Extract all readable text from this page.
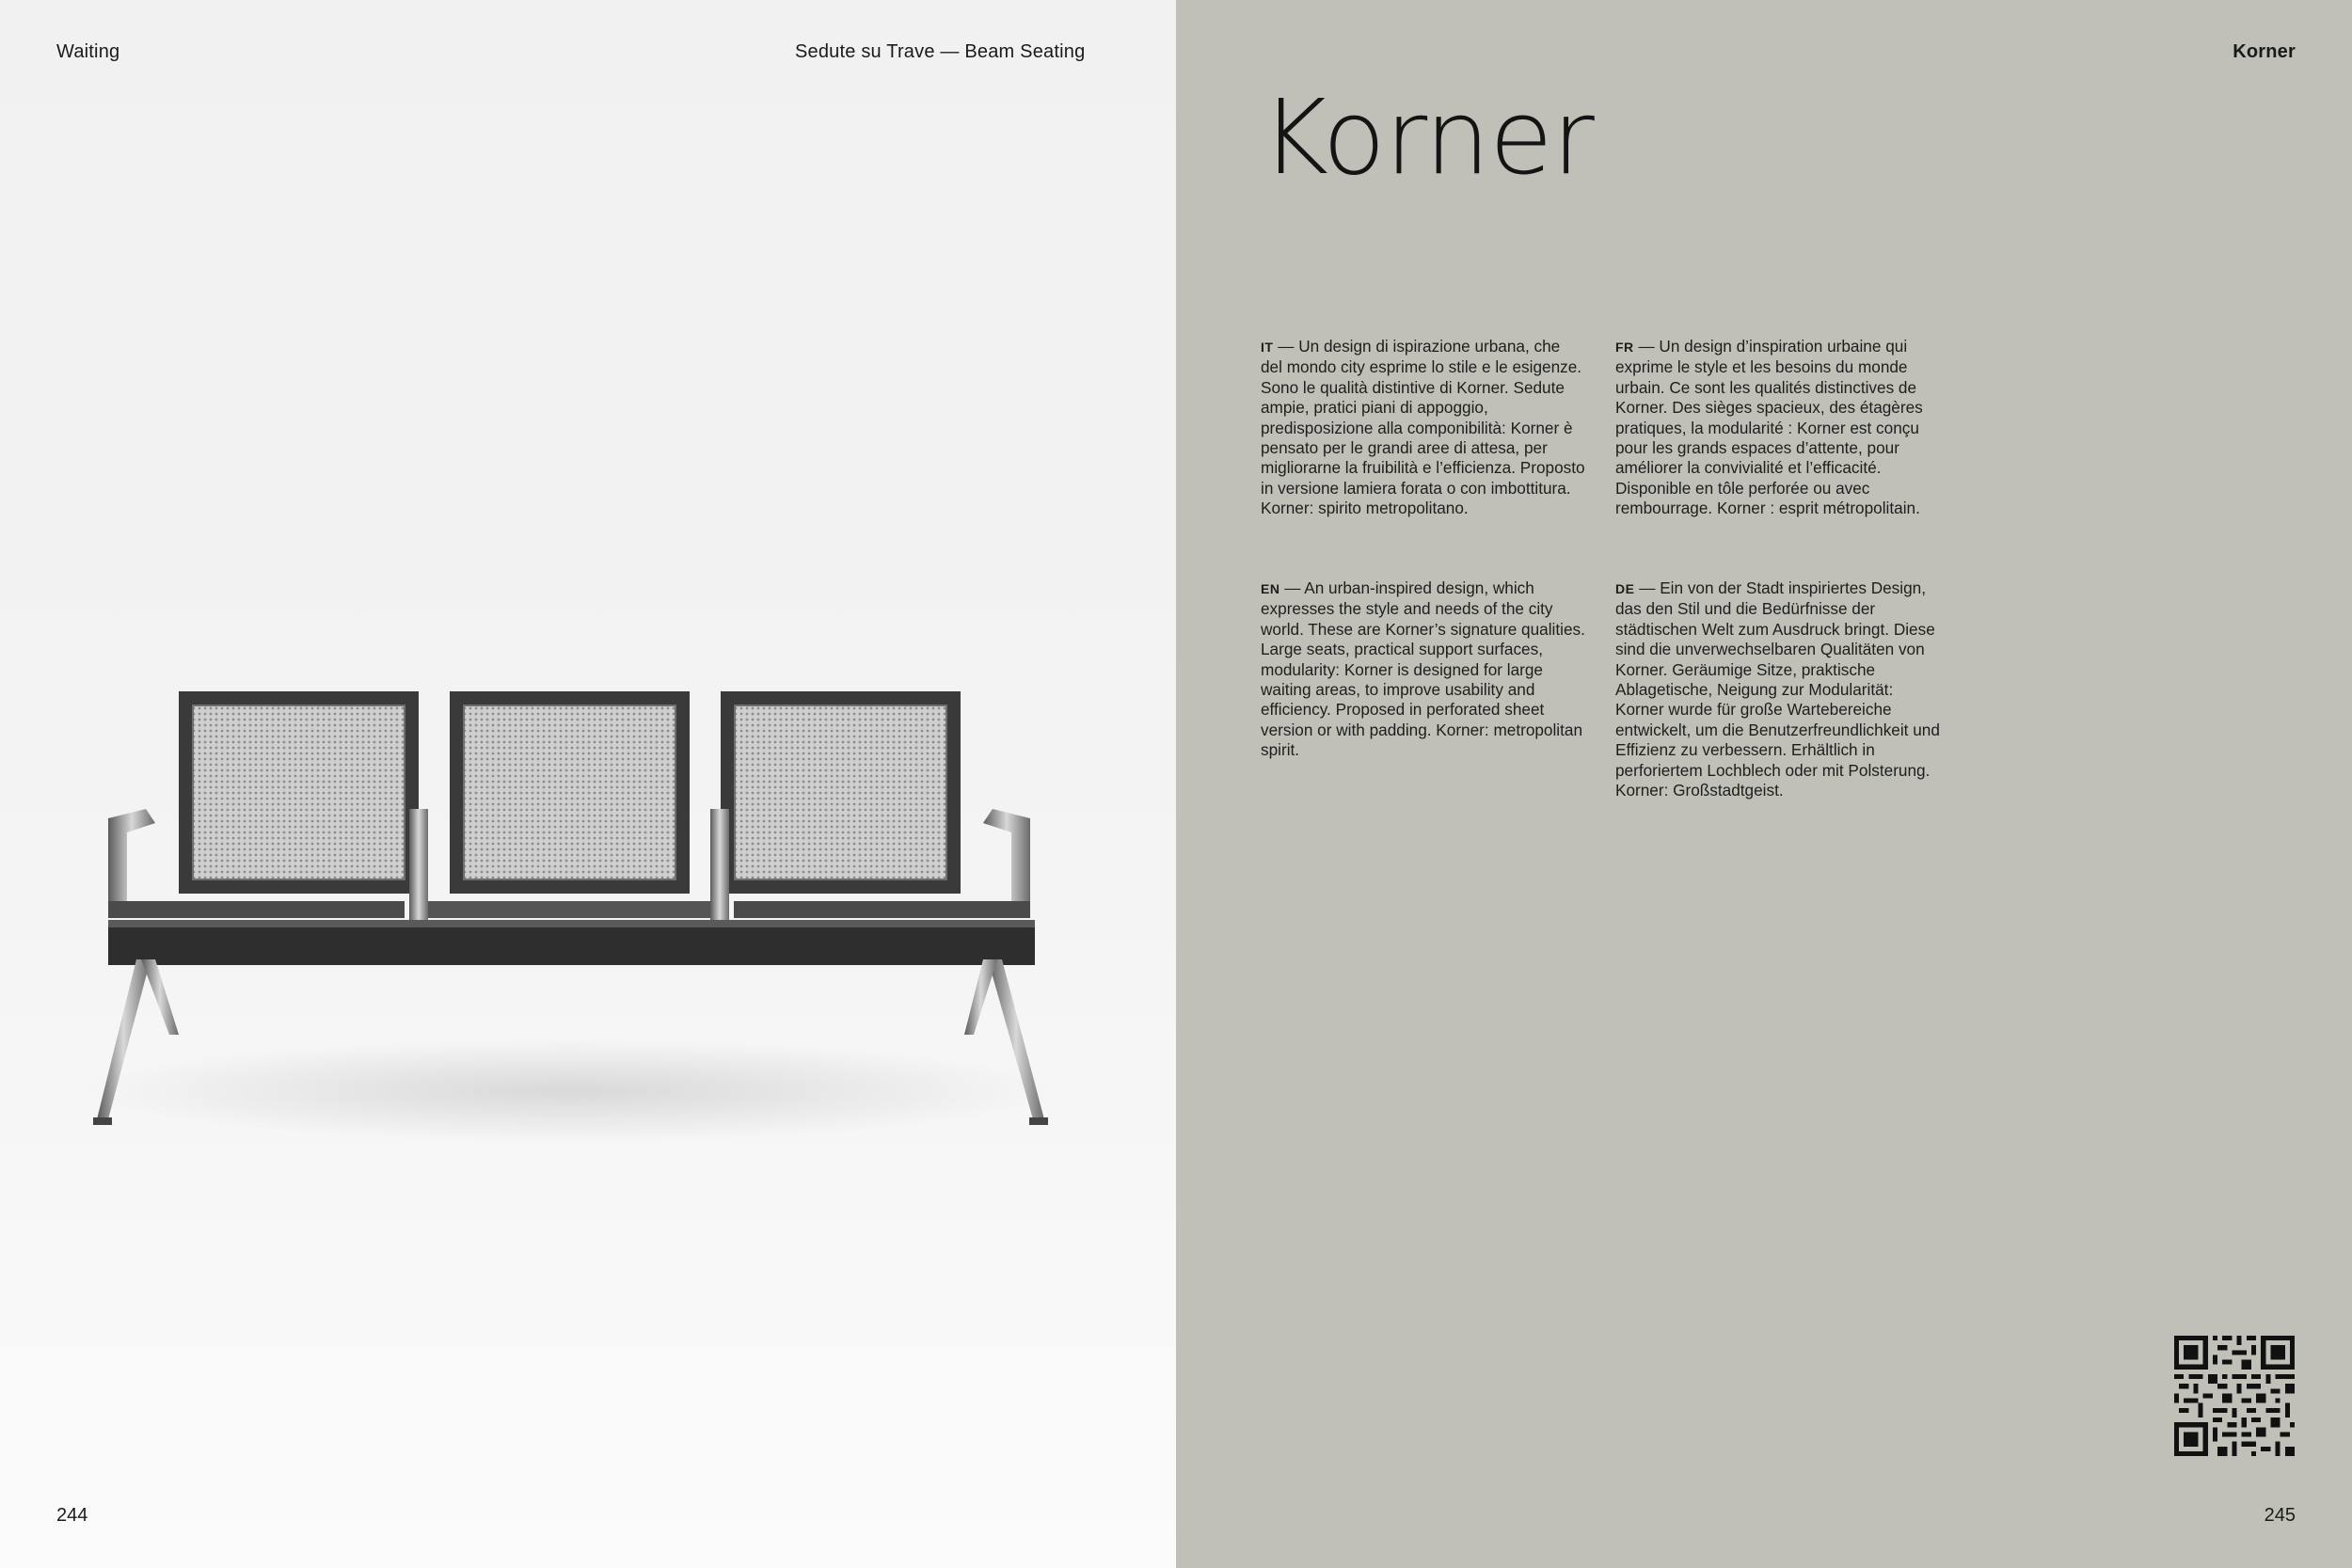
Waiting	Sedute su Trave — Beam Seating
244
Korner
245
Korner
IT — Un design di ispirazione urbana, che del mondo city esprime lo stile e le esigenze. Sono le qualità distintive di Korner. Sedute ampie, pratici piani di appoggio, predisposizione alla componibilità: Korner è pensato per le grandi aree di attesa, per migliorarne la fruibilità e l’efficienza. Proposto in versione lamiera forata o con imbottitura. Korner: spirito metropolitano.
FR — Un design d’inspiration urbaine qui exprime le style et les besoins du monde urbain. Ce sont les qualités distinctives de Korner. Des sièges spacieux, des étagères pratiques, la modularité : Korner est conçu pour les grands espaces d’attente, pour améliorer la convivialité et l’efficacité. Disponible en tôle perforée ou avec rembourrage. Korner : esprit métropolitain.
EN — An urban-inspired design, which expresses the style and needs of the city world. These are Korner’s signature qualities. Large seats, practical support surfaces, modularity: Korner is designed for large waiting areas, to improve usability and efficiency. Proposed in perforated sheet version or with padding. Korner: metropolitan spirit.
DE — Ein von der Stadt inspiriertes Design, das den Stil und die Bedürfnisse der städtischen Welt zum Ausdruck bringt. Diese sind die unverwechselbaren Qualitäten von Korner. Geräumige Sitze, praktische Ablagetische, Neigung zur Modularität: Korner wurde für große Wartebereiche entwickelt, um die Benutzerfreundlichkeit und Effizienz zu verbessern. Erhältlich in perforiertem Lochblech oder mit Polsterung. Korner: Großstadtgeist.
